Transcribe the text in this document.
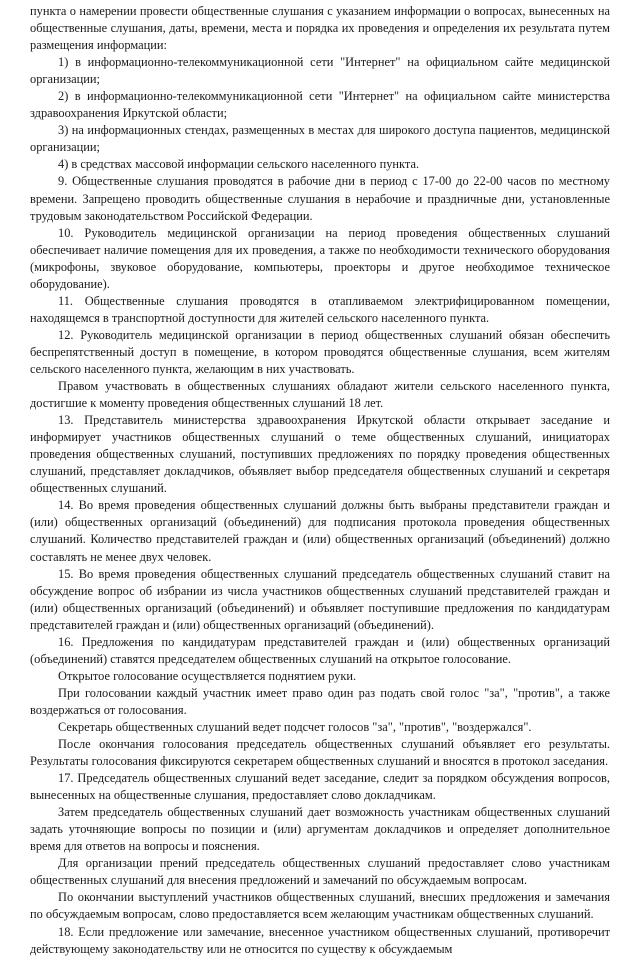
пункта о намерении провести общественные слушания с указанием информации о вопросах, вынесенных на общественные слушания, даты, времени, места и порядка их проведения и определения их результата путем размещения информации:

1) в информационно-телекоммуникационной сети "Интернет" на официальном сайте медицинской организации;

2) в информационно-телекоммуникационной сети "Интернет" на официальном сайте министерства здравоохранения Иркутской области;

3) на информационных стендах, размещенных в местах для широкого доступа пациентов, медицинской организации;

4) в средствах массовой информации сельского населенного пункта.

9. Общественные слушания проводятся в рабочие дни в период с 17-00 до 22-00 часов по местному времени. Запрещено проводить общественные слушания в нерабочие и праздничные дни, установленные трудовым законодательством Российской Федерации.

10. Руководитель медицинской организации на период проведения общественных слушаний обеспечивает наличие помещения для их проведения, а также по необходимости технического оборудования (микрофоны, звуковое оборудование, компьютеры, проекторы и другое необходимое техническое оборудование).

11. Общественные слушания проводятся в отапливаемом электрифицированном помещении, находящемся в транспортной доступности для жителей сельского населенного пункта.

12. Руководитель медицинской организации в период общественных слушаний обязан обеспечить беспрепятственный доступ в помещение, в котором проводятся общественные слушания, всем жителям сельского населенного пункта, желающим в них участвовать.

Правом участвовать в общественных слушаниях обладают жители сельского населенного пункта, достигшие к моменту проведения общественных слушаний 18 лет.

13. Представитель министерства здравоохранения Иркутской области открывает заседание и информирует участников общественных слушаний о теме общественных слушаний, инициаторах проведения общественных слушаний, поступивших предложениях по порядку проведения общественных слушаний, представляет докладчиков, объявляет выбор председателя общественных слушаний и секретаря общественных слушаний.

14. Во время проведения общественных слушаний должны быть выбраны представители граждан и (или) общественных организаций (объединений) для подписания протокола проведения общественных слушаний. Количество представителей граждан и (или) общественных организаций (объединений) должно составлять не менее двух человек.

15. Во время проведения общественных слушаний председатель общественных слушаний ставит на обсуждение вопрос об избрании из числа участников общественных слушаний представителей граждан и (или) общественных организаций (объединений) и объявляет поступившие предложения по кандидатурам представителей граждан и (или) общественных организаций (объединений).

16. Предложения по кандидатурам представителей граждан и (или) общественных организаций (объединений) ставятся председателем общественных слушаний на открытое голосование.

Открытое голосование осуществляется поднятием руки.

При голосовании каждый участник имеет право один раз подать свой голос "за", "против", а также воздержаться от голосования.

Секретарь общественных слушаний ведет подсчет голосов "за", "против", "воздержался".

После окончания голосования председатель общественных слушаний объявляет его результаты. Результаты голосования фиксируются секретарем общественных слушаний и вносятся в протокол заседания.

17. Председатель общественных слушаний ведет заседание, следит за порядком обсуждения вопросов, вынесенных на общественные слушания, предоставляет слово докладчикам.

Затем председатель общественных слушаний дает возможность участникам общественных слушаний задать уточняющие вопросы по позиции и (или) аргументам докладчиков и определяет дополнительное время для ответов на вопросы и пояснения.

Для организации прений председатель общественных слушаний предоставляет слово участникам общественных слушаний для внесения предложений и замечаний по обсуждаемым вопросам.

По окончании выступлений участников общественных слушаний, внесших предложения и замечания по обсуждаемым вопросам, слово предоставляется всем желающим участникам общественных слушаний.

18. Если предложение или замечание, внесенное участником общественных слушаний, противоречит действующему законодательству или не относится по существу к обсуждаемым
